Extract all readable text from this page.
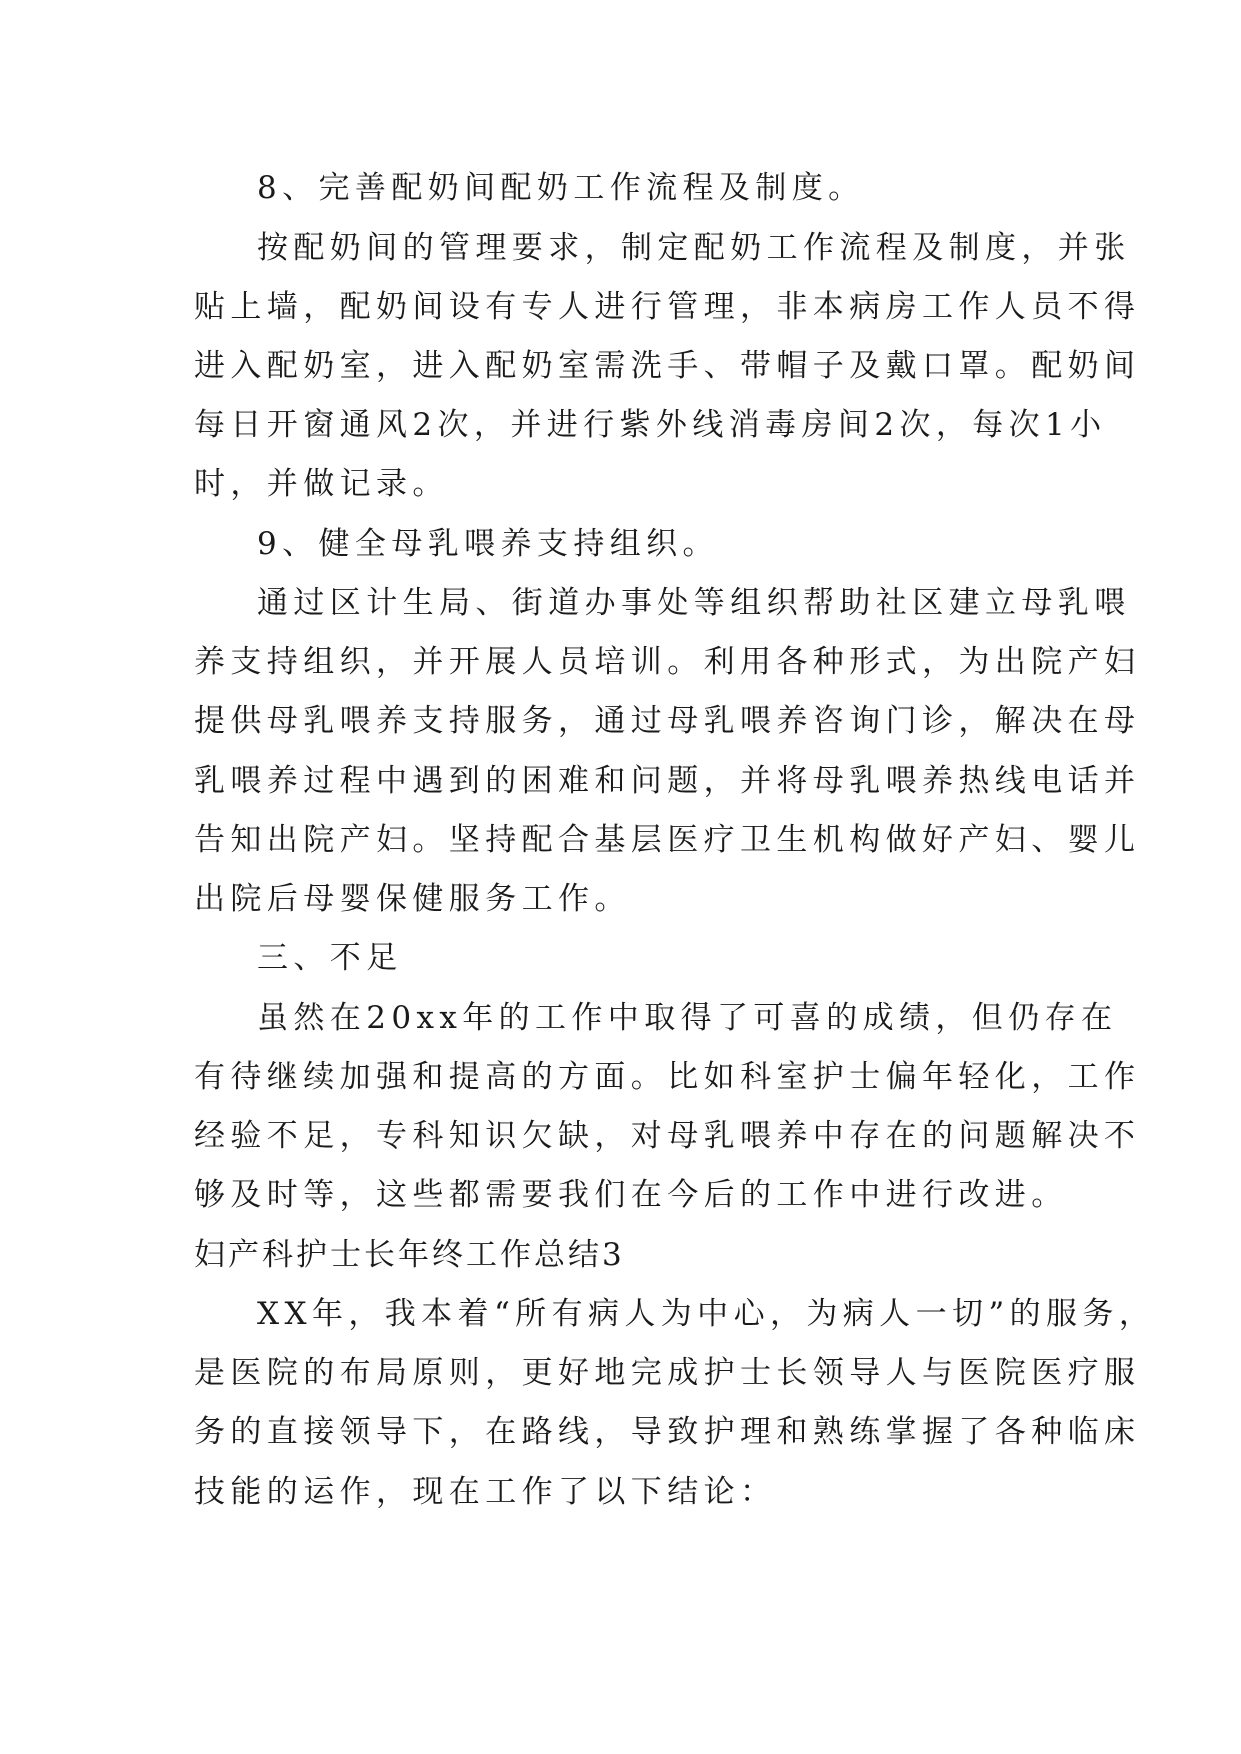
8、完善配奶间配奶工作流程及制度。
按配奶间的管理要求，制定配奶工作流程及制度，并张
贴上墙，配奶间设有专人进行管理，非本病房工作人员不得
进入配奶室，进入配奶室需洗手、带帽子及戴口罩。配奶间
每日开窗通风2次，并进行紫外线消毒房间2次，每次1小
时，并做记录。
9、健全母乳喂养支持组织。
通过区计生局、街道办事处等组织帮助社区建立母乳喂
养支持组织，并开展人员培训。利用各种形式，为出院产妇
提供母乳喂养支持服务，通过母乳喂养咨询门诊，解决在母
乳喂养过程中遇到的困难和问题，并将母乳喂养热线电话并
告知出院产妇。坚持配合基层医疗卫生机构做好产妇、婴儿
出院后母婴保健服务工作。
三、不足
虽然在20xx年的工作中取得了可喜的成绩，但仍存在
有待继续加强和提高的方面。比如科室护士偏年轻化，工作
经验不足，专科知识欠缺，对母乳喂养中存在的问题解决不
够及时等，这些都需要我们在今后的工作中进行改进。
妇产科护士长年终工作总结3
XX年，我本着“所有病人为中心，为病人一切”的服务，
是医院的布局原则，更好地完成护士长领导人与医院医疗服
务的直接领导下，在路线，导致护理和熟练掌握了各种临床
技能的运作，现在工作了以下结论：
